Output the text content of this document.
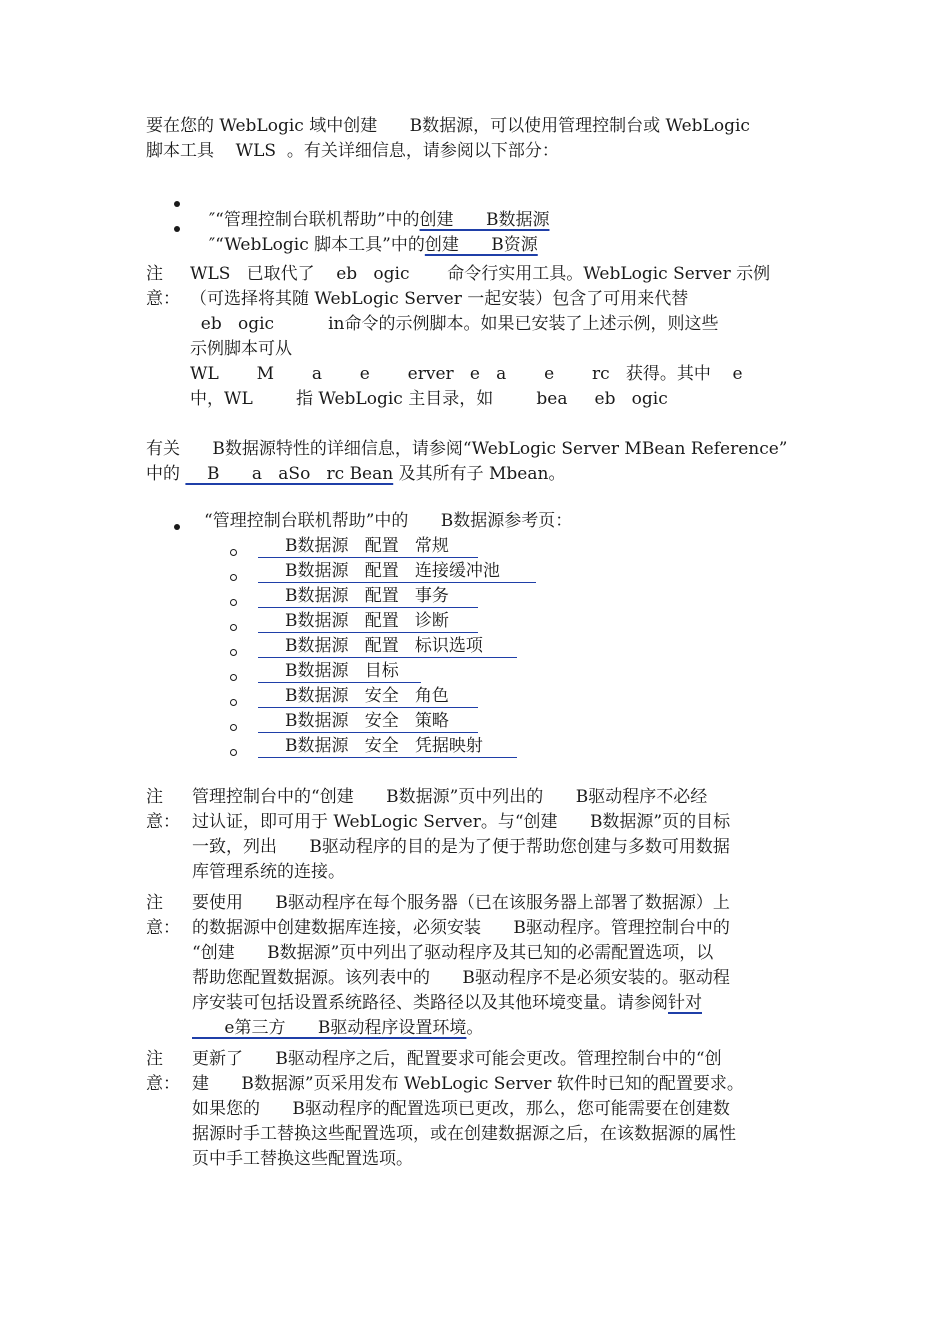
要在您的 WebLogic 域中创建      B数据源，可以使用管理控制台或 WebLogic
脚本工具    WLS  。有关详细信息，请参阅以下部分：

″“管理控制台联机帮助”中的创建      B数据源

″“WebLogic 脚本工具”中的创建      B资源

注
意：
WLS   已取代了    eb   ogic       命令行实用工具。WebLogic Server 示例
（可选择将其随 WebLogic Server 一起安装）包含了可用来代替
eb   ogic          in命令的示例脚本。如果已安装了上述示例，则这些
示例脚本可从
WL       M       a       e       erver   e   a       e       rc   获得。其中    e
中，WL        指 WebLogic 主目录，如        bea     eb   ogic
有关      B数据源特性的详细信息，请参阅“WebLogic Server MBean Reference”
中的     B      a   aSo   rc Bean 及其所有子 Mbean。
“管理控制台联机帮助”中的      B数据源参考页：
B数据源   配置   常规
B数据源   配置   连接缓冲池
B数据源   配置   事务
B数据源   配置   诊断
B数据源   配置   标识选项
B数据源   目标
B数据源   安全   角色
B数据源   安全   策略
B数据源   安全   凭据映射
注
意：
管理控制台中的“创建      B数据源”页中列出的      B驱动程序不必经
过认证，即可用于 WebLogic Server。与“创建      B数据源”页的目标
一致，列出      B驱动程序的目的是为了便于帮助您创建与多数可用数据
库管理系统的连接。
注
意：
要使用      B驱动程序在每个服务器（已在该服务器上部署了数据源）上
的数据源中创建数据库连接，必须安装      B驱动程序。管理控制台中的
“创建      B数据源”页中列出了驱动程序及其已知的必需配置选项，以
帮助您配置数据源。该列表中的      B驱动程序不是必须安装的。驱动程
序安装可包括设置系统路径、类路径以及其他环境变量。请参阅针对
e第三方      B驱动程序设置环境。
注
意：
更新了      B驱动程序之后，配置要求可能会更改。管理控制台中的“创
建      B数据源”页采用发布 WebLogic Server 软件时已知的配置要求。
如果您的      B驱动程序的配置选项已更改，那么，您可能需要在创建数
据源时手工替换这些配置选项，或在创建数据源之后，在该数据源的属性
页中手工替换这些配置选项。
